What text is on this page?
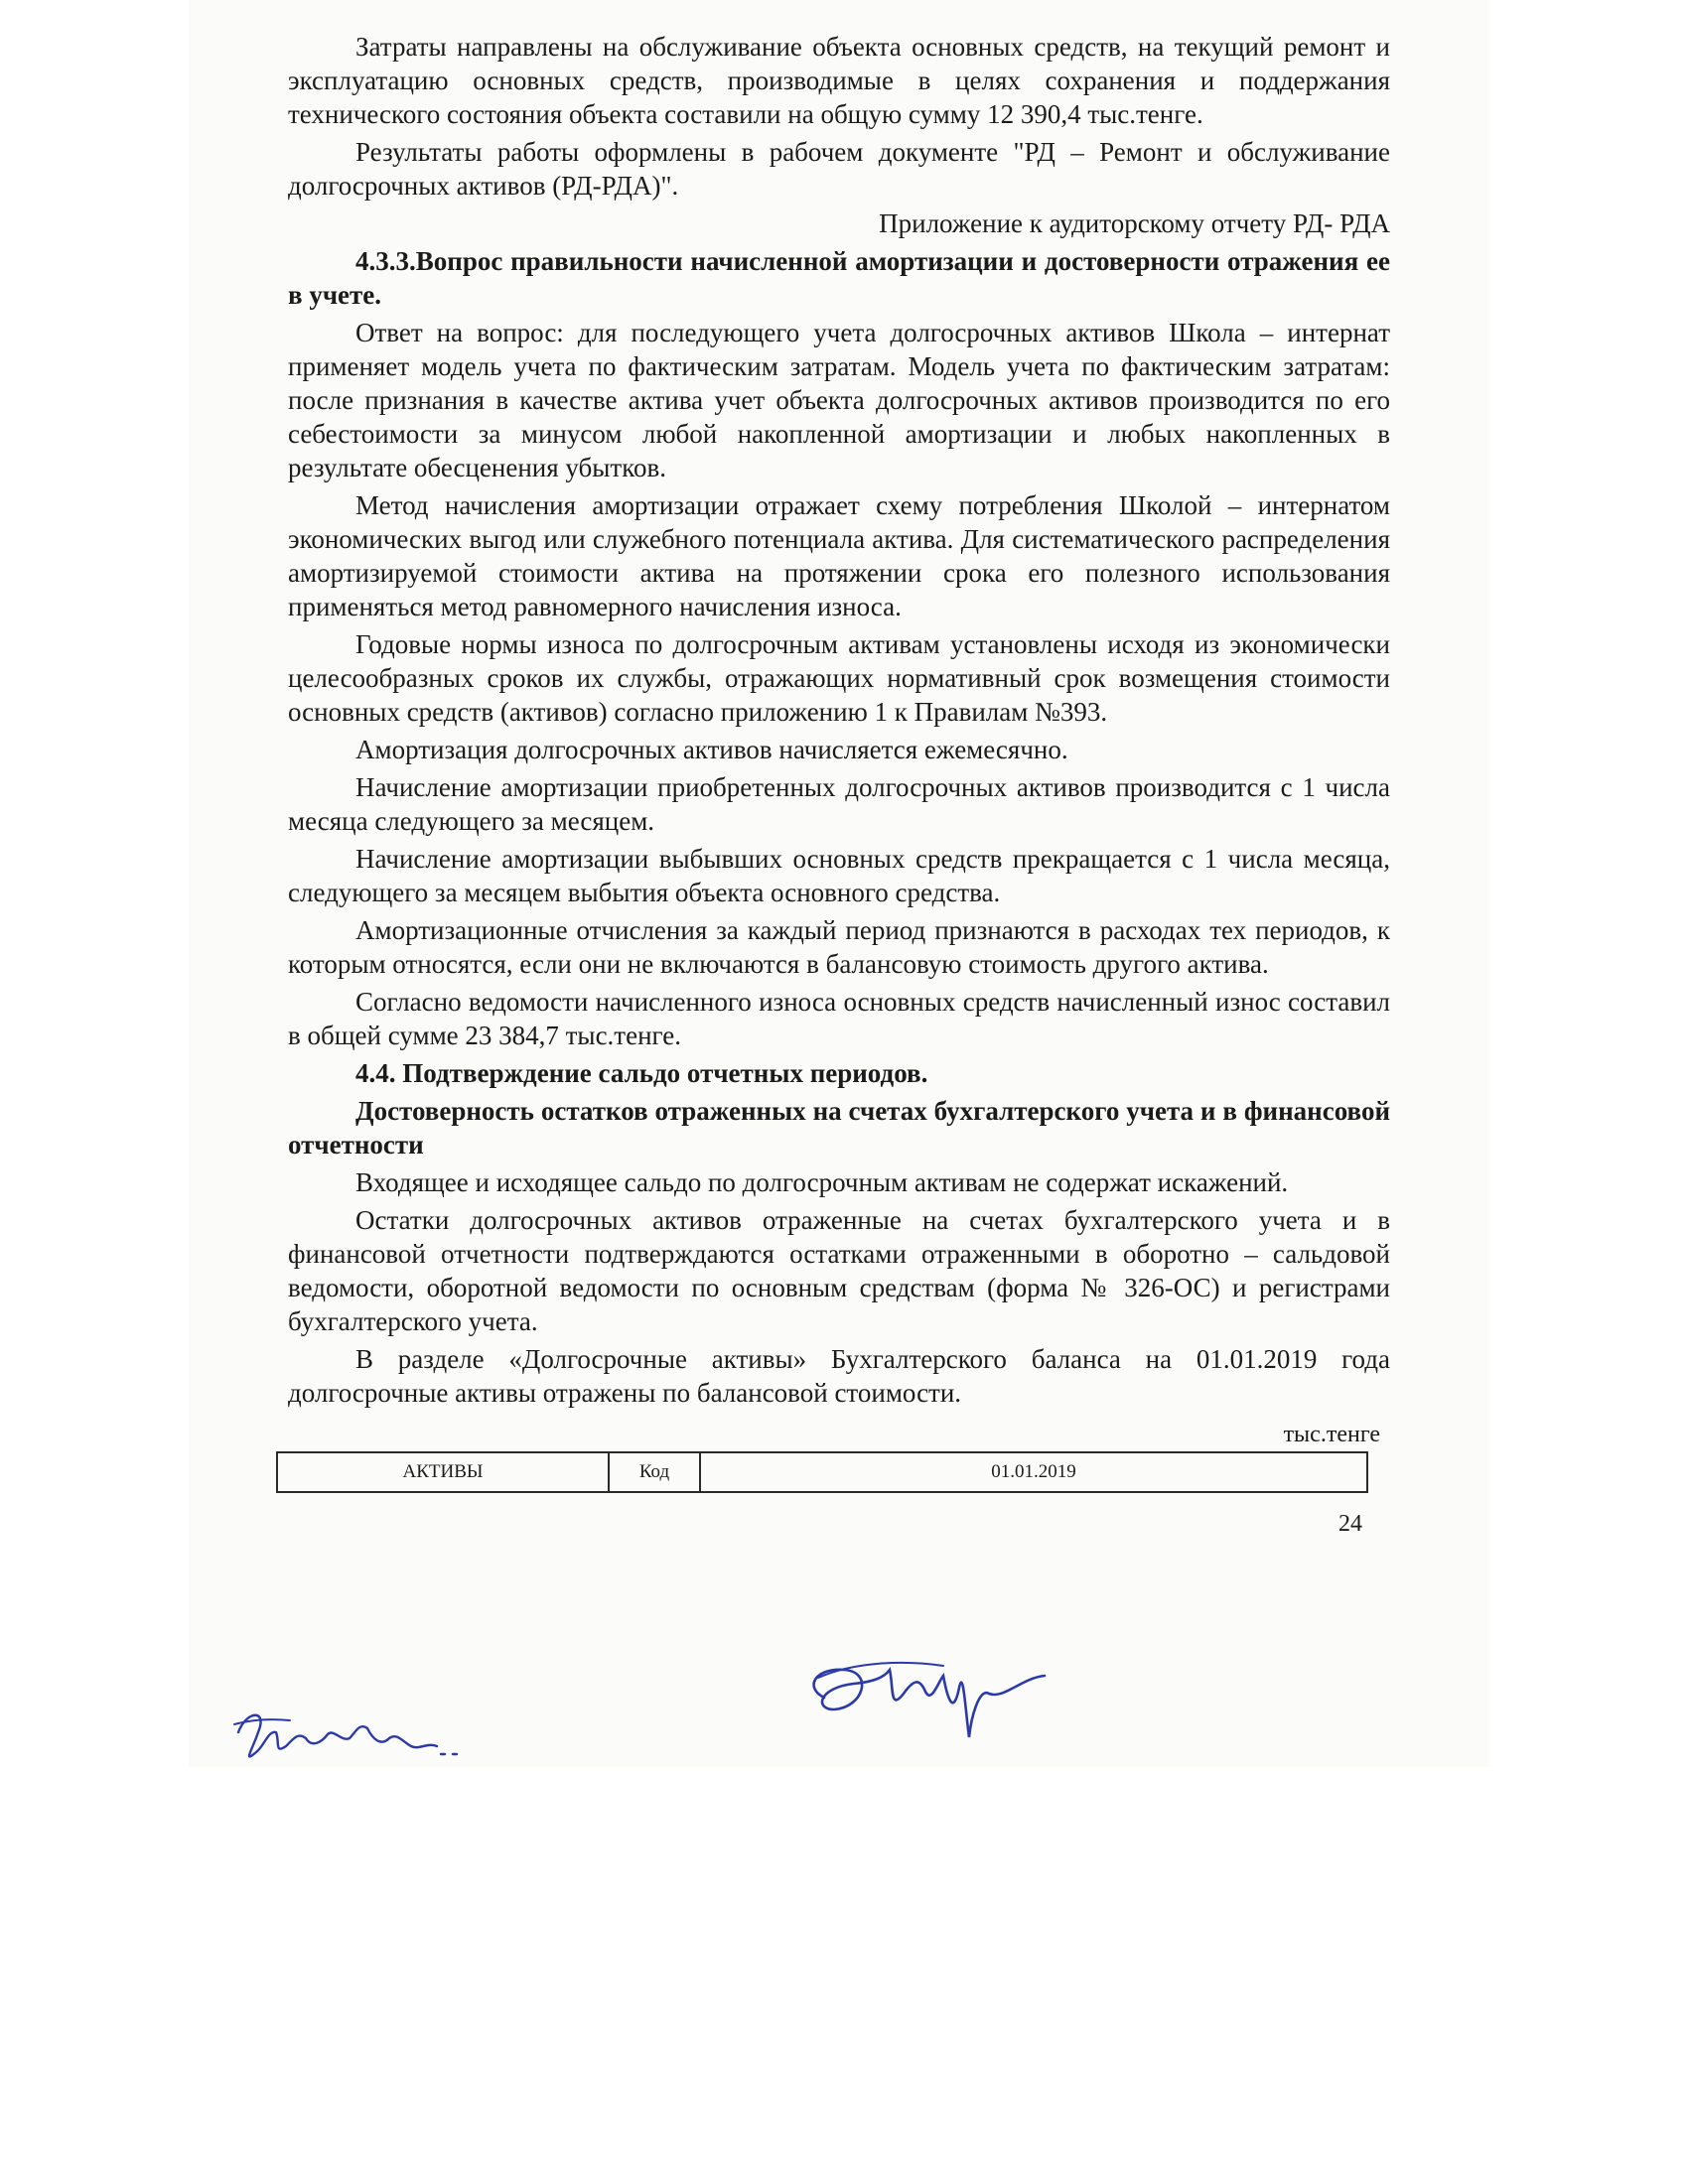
Затраты направлены на обслуживание объекта основных средств, на текущий ремонт и эксплуатацию основных средств, производимые в целях сохранения и поддержания технического состояния объекта составили на общую сумму 12 390,4 тыс.тенге.

Результаты работы оформлены в рабочем документе "РД – Ремонт и обслуживание долгосрочных активов (РД-РДА)".

Приложение к аудиторскому отчету РД- РДА

4.3.3.Вопрос правильности начисленной амортизации и достоверности отражения ее в учете.

Ответ на вопрос: для последующего учета долгосрочных активов Школа – интернат применяет модель учета по фактическим затратам. Модель учета по фактическим затратам: после признания в качестве актива учет объекта долгосрочных активов производится по его себестоимости за минусом любой накопленной амортизации и любых накопленных в результате обесценения убытков.

Метод начисления амортизации отражает схему потребления Школой – интернатом экономических выгод или служебного потенциала актива. Для систематического распределения амортизируемой стоимости актива на протяжении срока его полезного использования применяться метод равномерного начисления износа.

Годовые нормы износа по долгосрочным активам установлены исходя из экономически целесообразных сроков их службы, отражающих нормативный срок возмещения стоимости основных средств (активов) согласно приложению 1 к Правилам №393.

Амортизация долгосрочных активов начисляется ежемесячно.

Начисление амортизации приобретенных долгосрочных активов производится с 1 числа месяца следующего за месяцем.

Начисление амортизации выбывших основных средств прекращается с 1 числа месяца, следующего за месяцем выбытия объекта основного средства.

Амортизационные отчисления за каждый период признаются в расходах тех периодов, к которым относятся, если они не включаются в балансовую стоимость другого актива.

Согласно ведомости начисленного износа основных средств начисленный износ составил в общей сумме 23 384,7 тыс.тенге.

4.4. Подтверждение сальдо отчетных периодов.

Достоверность остатков отраженных на счетах бухгалтерского учета и в финансовой отчетности

Входящее и исходящее сальдо по долгосрочным активам не содержат искажений.

Остатки долгосрочных активов отраженные на счетах бухгалтерского учета и в финансовой отчетности подтверждаются остатками отраженными в оборотно – сальдовой ведомости, оборотной ведомости по основным средствам (форма № 326-ОС) и регистрами бухгалтерского учета.

В разделе «Долгосрочные активы» Бухгалтерского баланса на 01.01.2019 года долгосрочные активы отражены по балансовой стоимости.

тыс.тенге
АКТИВЫ	Код	01.01.2019
24
